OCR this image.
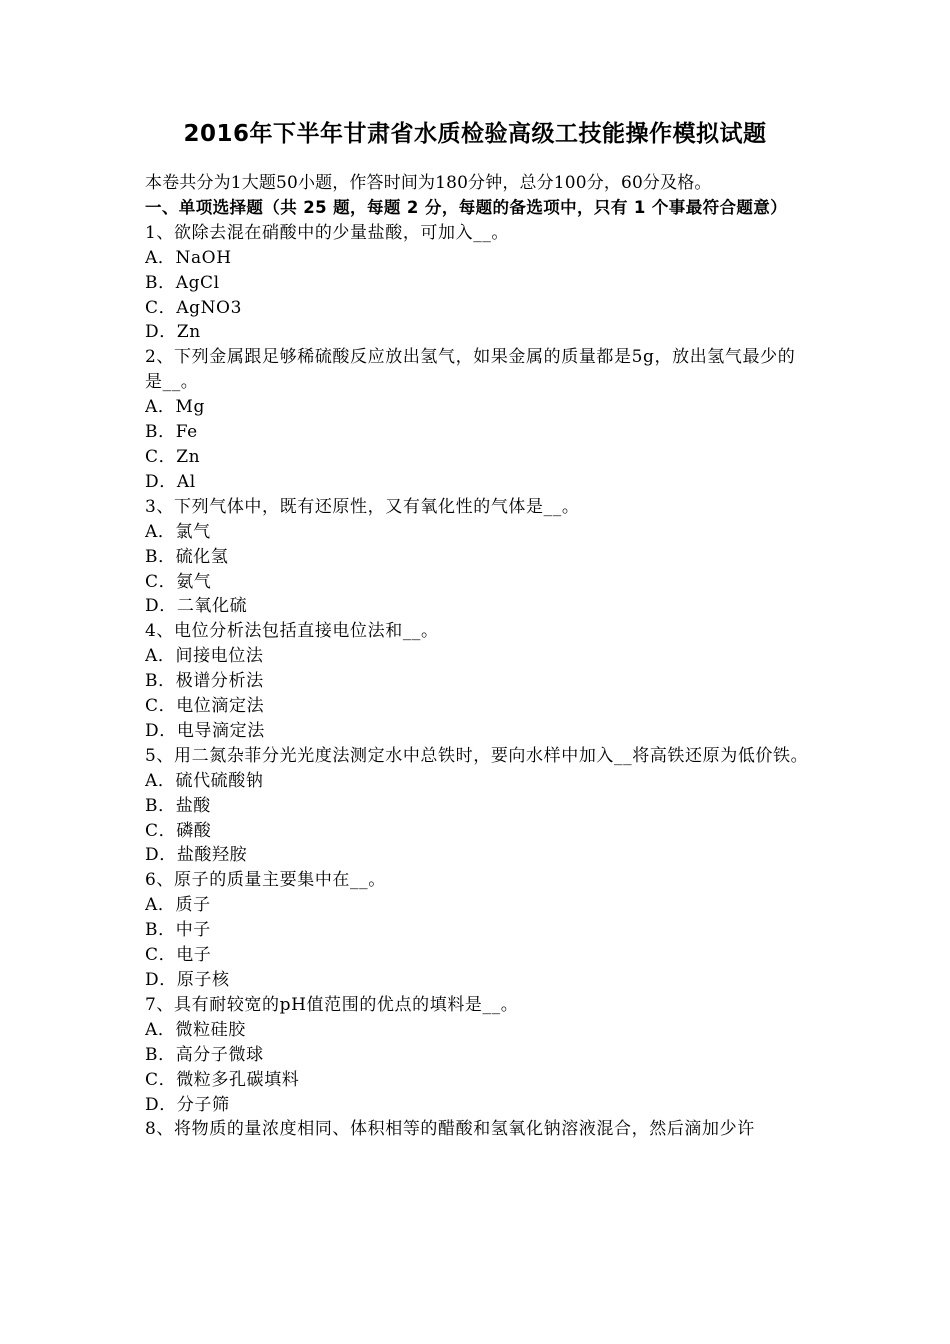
2016年下半年甘肃省水质检验高级工技能操作模拟试题

本卷共分为1大题50小题，作答时间为180分钟，总分100分，60分及格。

一、单项选择题（共 25 题，每题 2 分，每题的备选项中，只有 1 个事最符合题意）

1、欲除去混在硝酸中的少量盐酸，可加入__。

A．NaOH

B．AgCl

C．AgNO3

D．Zn

2、下列金属跟足够稀硫酸反应放出氢气，如果金属的质量都是5g，放出氢气最少的是__。

A．Mg

B．Fe

C．Zn

D．Al

3、下列气体中，既有还原性，又有氧化性的气体是__。

A．氯气

B．硫化氢

C．氨气

D．二氧化硫

4、电位分析法包括直接电位法和__。

A．间接电位法

B．极谱分析法

C．电位滴定法

D．电导滴定法

5、用二氮杂菲分光光度法测定水中总铁时，要向水样中加入__将高铁还原为低价铁。

A．硫代硫酸钠

B．盐酸

C．磷酸

D．盐酸羟胺

6、原子的质量主要集中在__。

A．质子

B．中子

C．电子

D．原子核

7、具有耐较宽的pH值范围的优点的填料是__。

A．微粒硅胶

B．高分子微球

C．微粒多孔碳填料

D．分子筛

8、将物质的量浓度相同、体积相等的醋酸和氢氧化钠溶液混合，然后滴加少许
